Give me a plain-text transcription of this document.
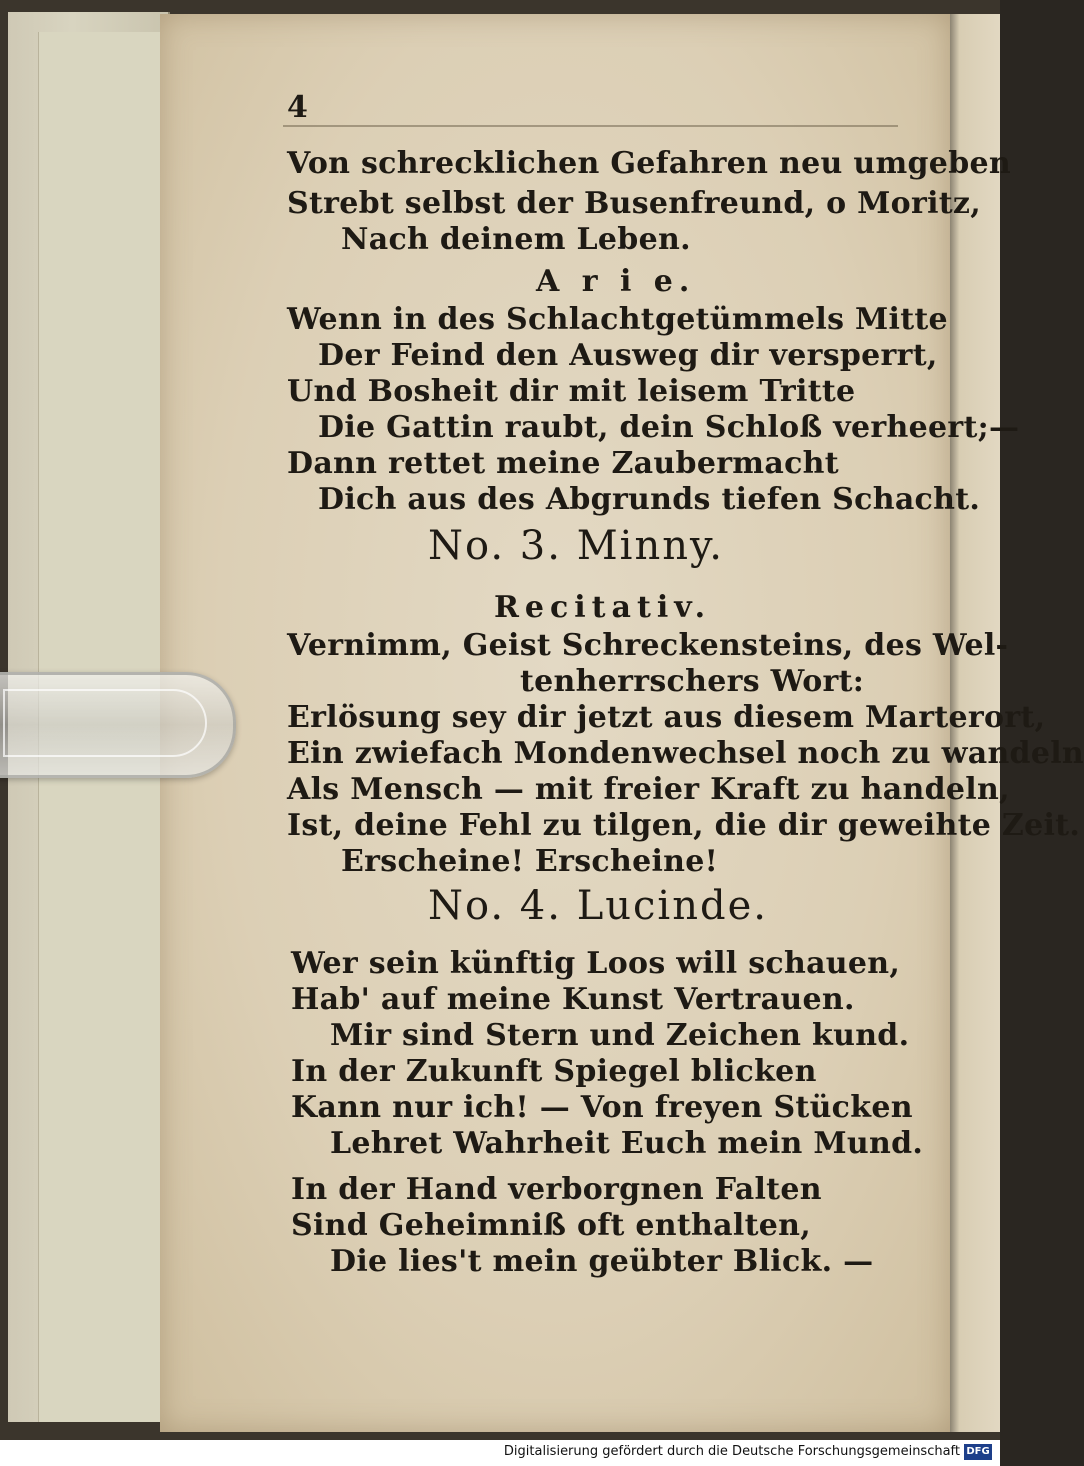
4
Von schrecklichen Gefahren neu umgeben
Strebt selbst der Busenfreund, o Moritz,
Nach deinem Leben.
A r i e.
Wenn in des Schlachtgetümmels Mitte
Der Feind den Ausweg dir versperrt,
Und Bosheit dir mit leisem Tritte
Die Gattin raubt, dein Schloß verheert;—
Dann rettet meine Zaubermacht
Dich aus des Abgrunds tiefen Schacht.
No. 3. Minny.
Recitativ.
Vernimm, Geist Schreckensteins, des Wel-
tenherrschers Wort:
Erlösung sey dir jetzt aus diesem Marterort,
Ein zwiefach Mondenwechsel noch zu wandeln
Als Mensch — mit freier Kraft zu handeln,
Ist, deine Fehl zu tilgen, die dir geweihte Zeit.
Erscheine! Erscheine!
No. 4. Lucinde.
Wer sein künftig Loos will schauen,
Hab' auf meine Kunst Vertrauen.
Mir sind Stern und Zeichen kund.
In der Zukunft Spiegel blicken
Kann nur ich! — Von freyen Stücken
Lehret Wahrheit Euch mein Mund.
In der Hand verborgnen Falten
Sind Geheimniß oft enthalten,
Die lies't mein geübter Blick. —
Digitalisierung gefördert durch die Deutsche Forschungsgemeinschaft DFG
